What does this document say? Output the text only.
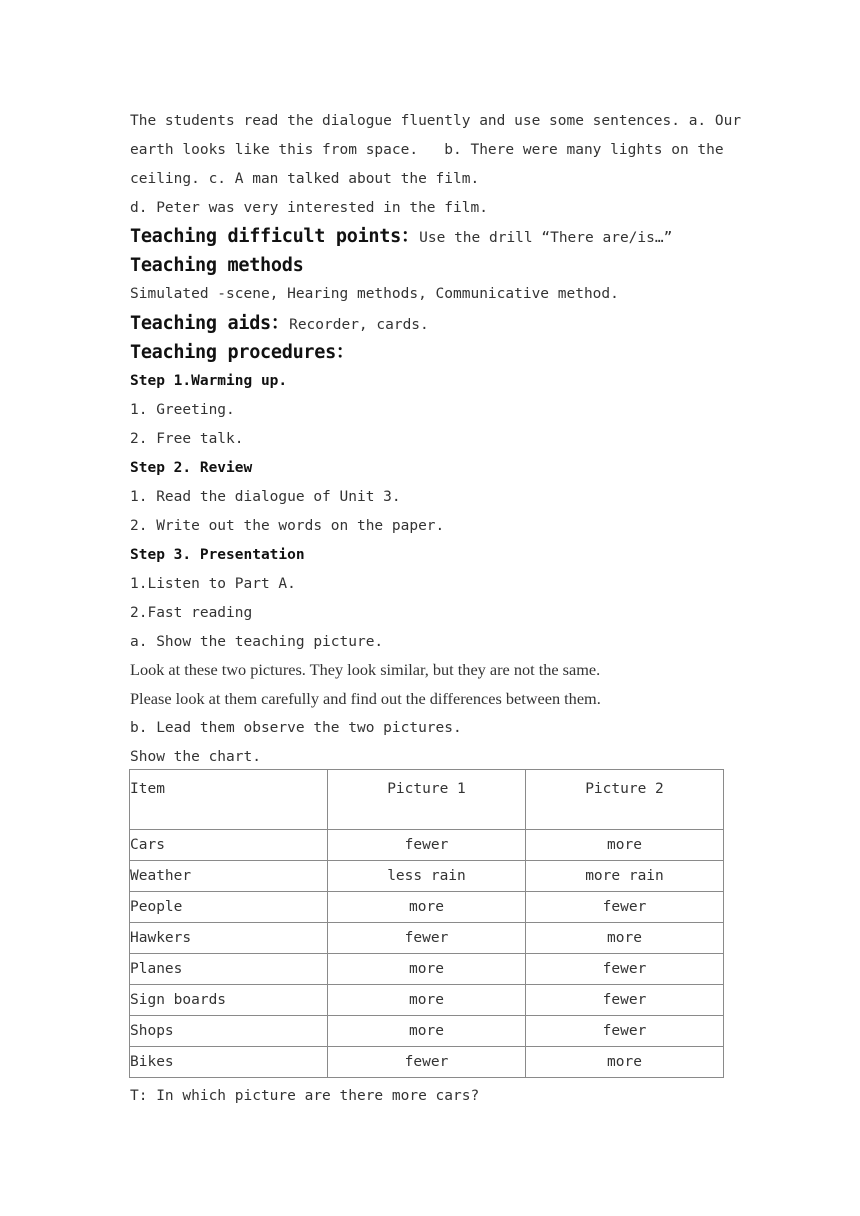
The students read the dialogue fluently and use some sentences. a. Our
earth looks like this from space.   b. There were many lights on the
ceiling. c. A man talked about the film.
d. Peter was very interested in the film.
Teaching difficult points：Use the drill “There are/is…”
Teaching methods
Simulated -scene, Hearing methods, Communicative method.
Teaching aids：Recorder, cards.
Teaching procedures：
Step 1.Warming up.
1. Greeting.
2. Free talk.
Step 2. Review
1. Read the dialogue of Unit 3.
2. Write out the words on the paper.
Step 3. Presentation
1.Listen to Part A.
2.Fast reading
a. Show the teaching picture.
Look at these two pictures. They look similar, but they are not the same.
Please look at them carefully and find out the differences between them.
b. Lead them observe the two pictures.
Show the chart.
Item	Picture 1	Picture 2
Cars	fewer	more
Weather	less rain	more rain
People	more	fewer
Hawkers	fewer	more
Planes	more	fewer
Sign boards	more	fewer
Shops	more	fewer
Bikes	fewer	more
T: In which picture are there more cars?
